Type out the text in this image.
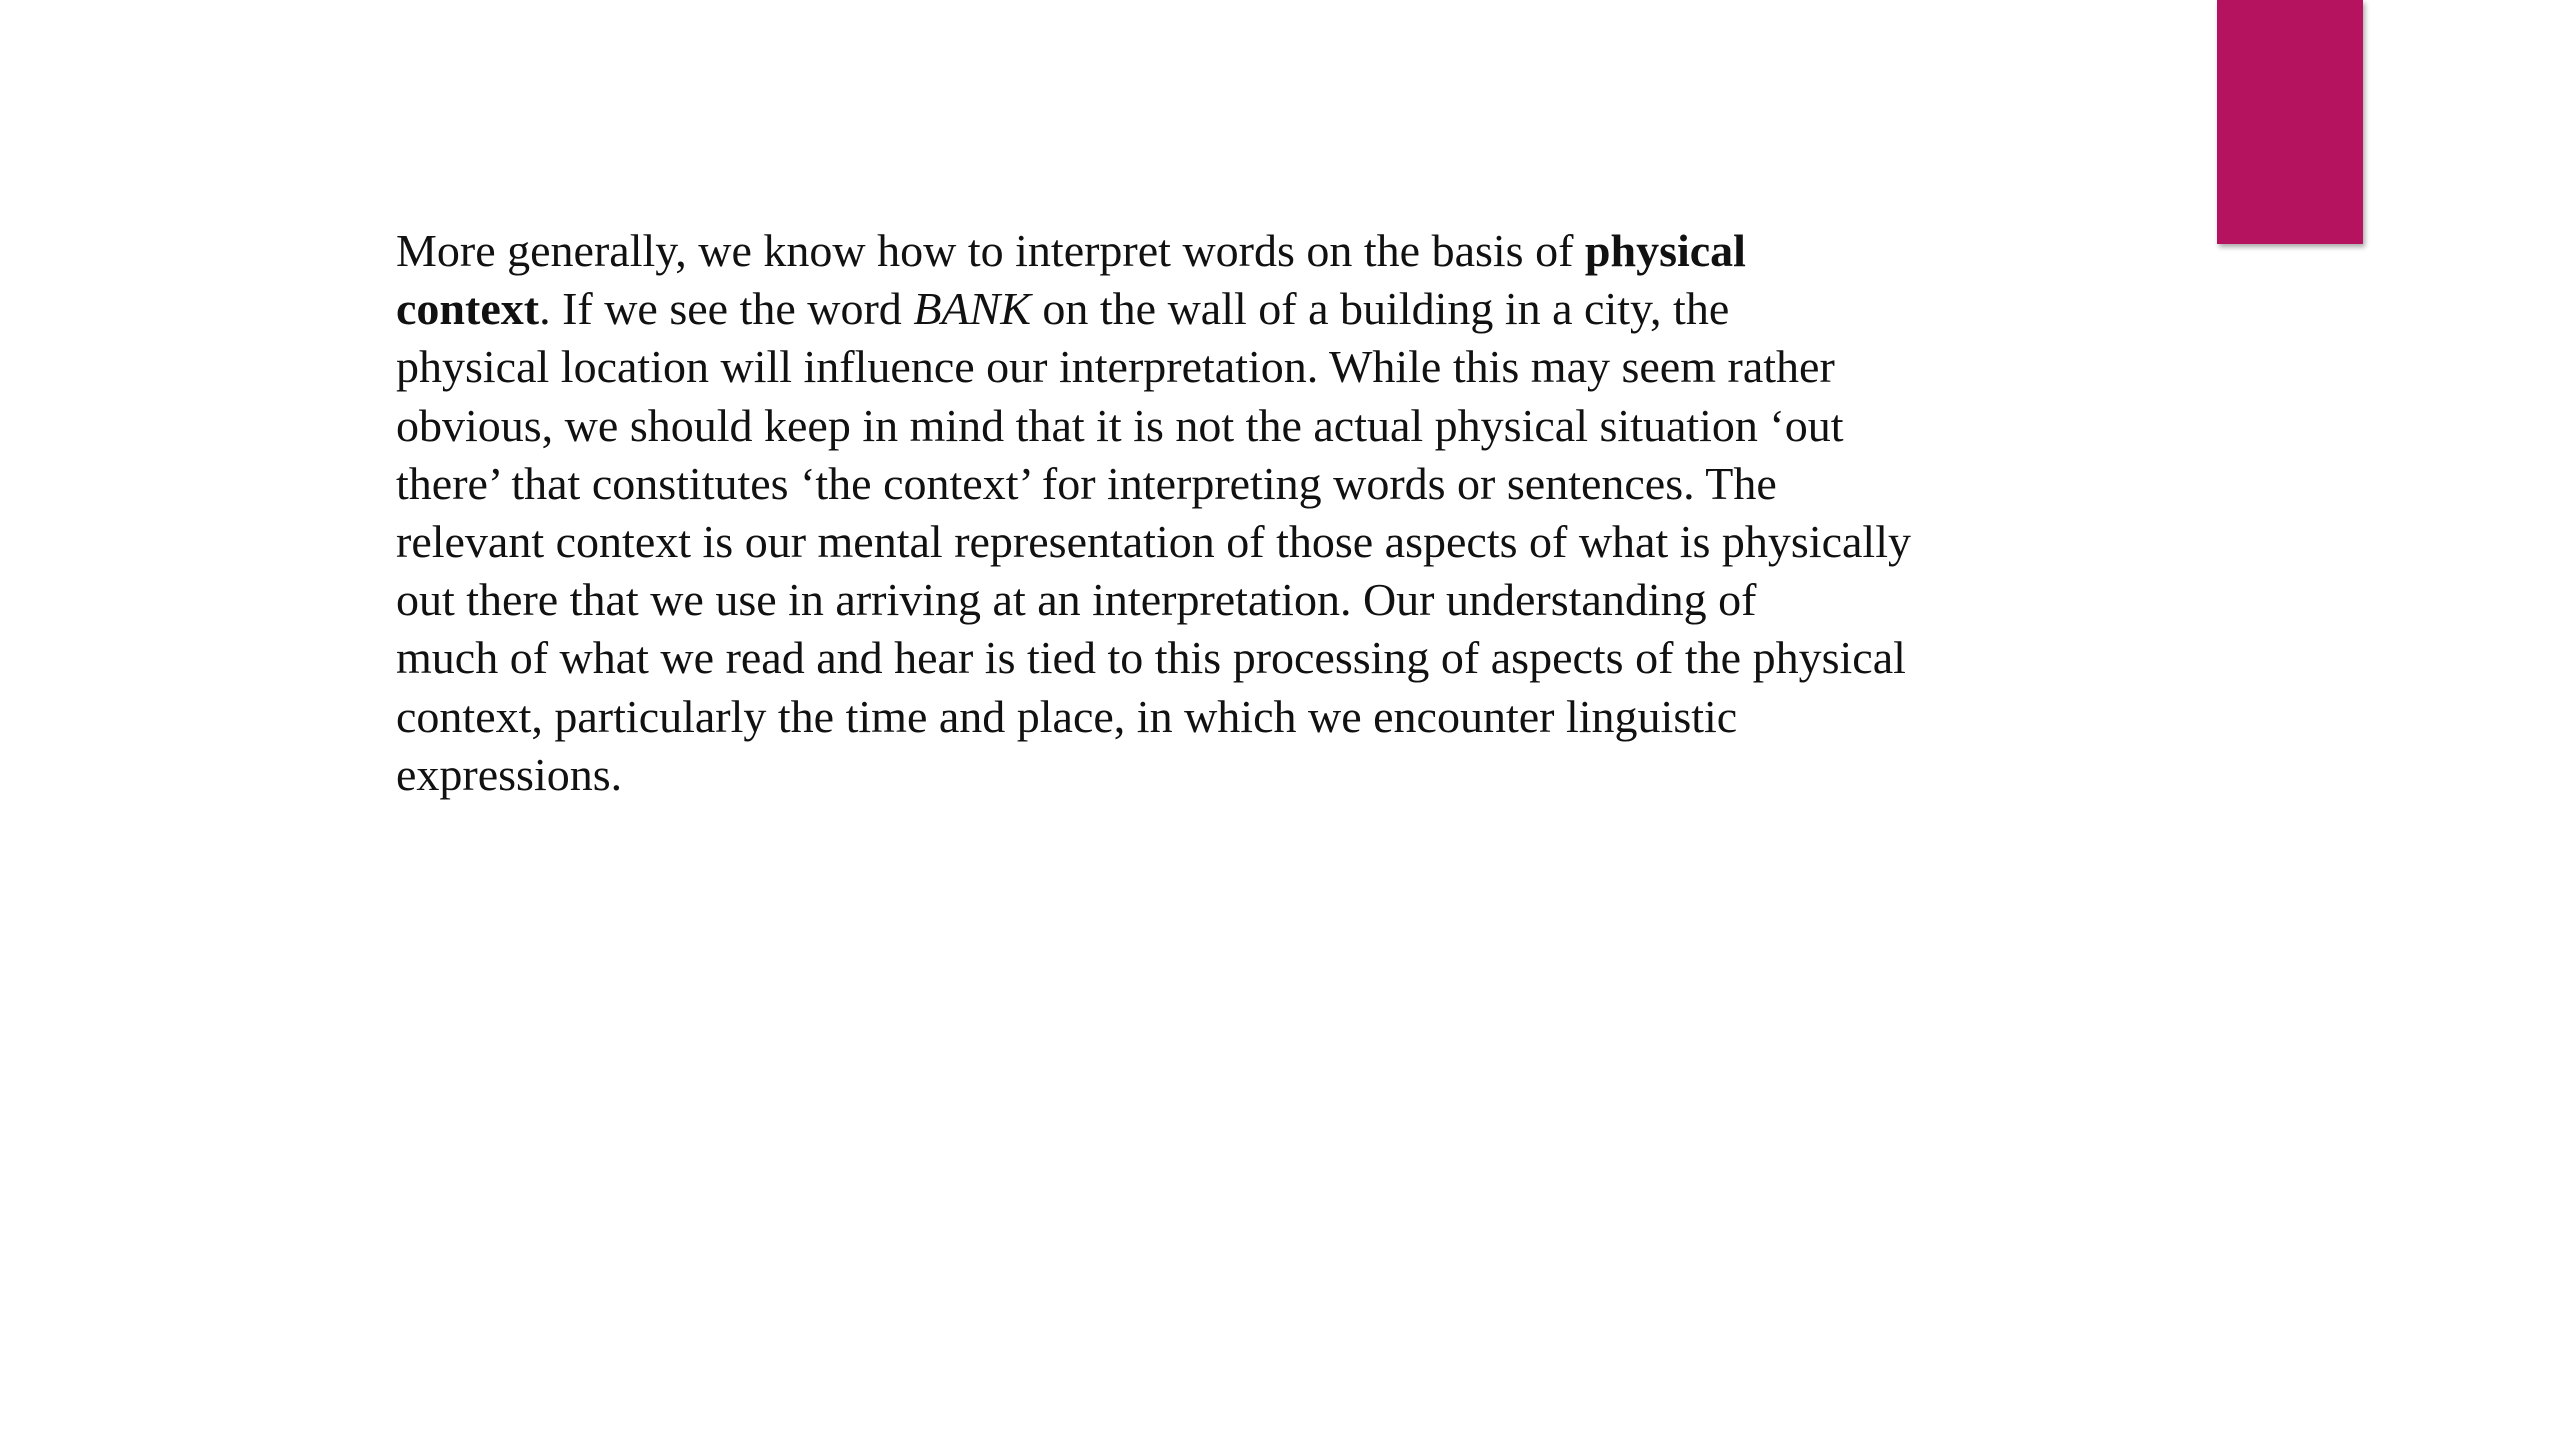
More generally, we know how to interpret words on the basis of physical
context. If we see the word BANK on the wall of a building in a city, the
physical location will influence our interpretation. While this may seem rather
obvious, we should keep in mind that it is not the actual physical situation ‘out
there’ that constitutes ‘the context’ for interpreting words or sentences. The
relevant context is our mental representation of those aspects of what is physically
out there that we use in arriving at an interpretation. Our understanding of
much of what we read and hear is tied to this processing of aspects of the physical
context, particularly the time and place, in which we encounter linguistic
expressions.
